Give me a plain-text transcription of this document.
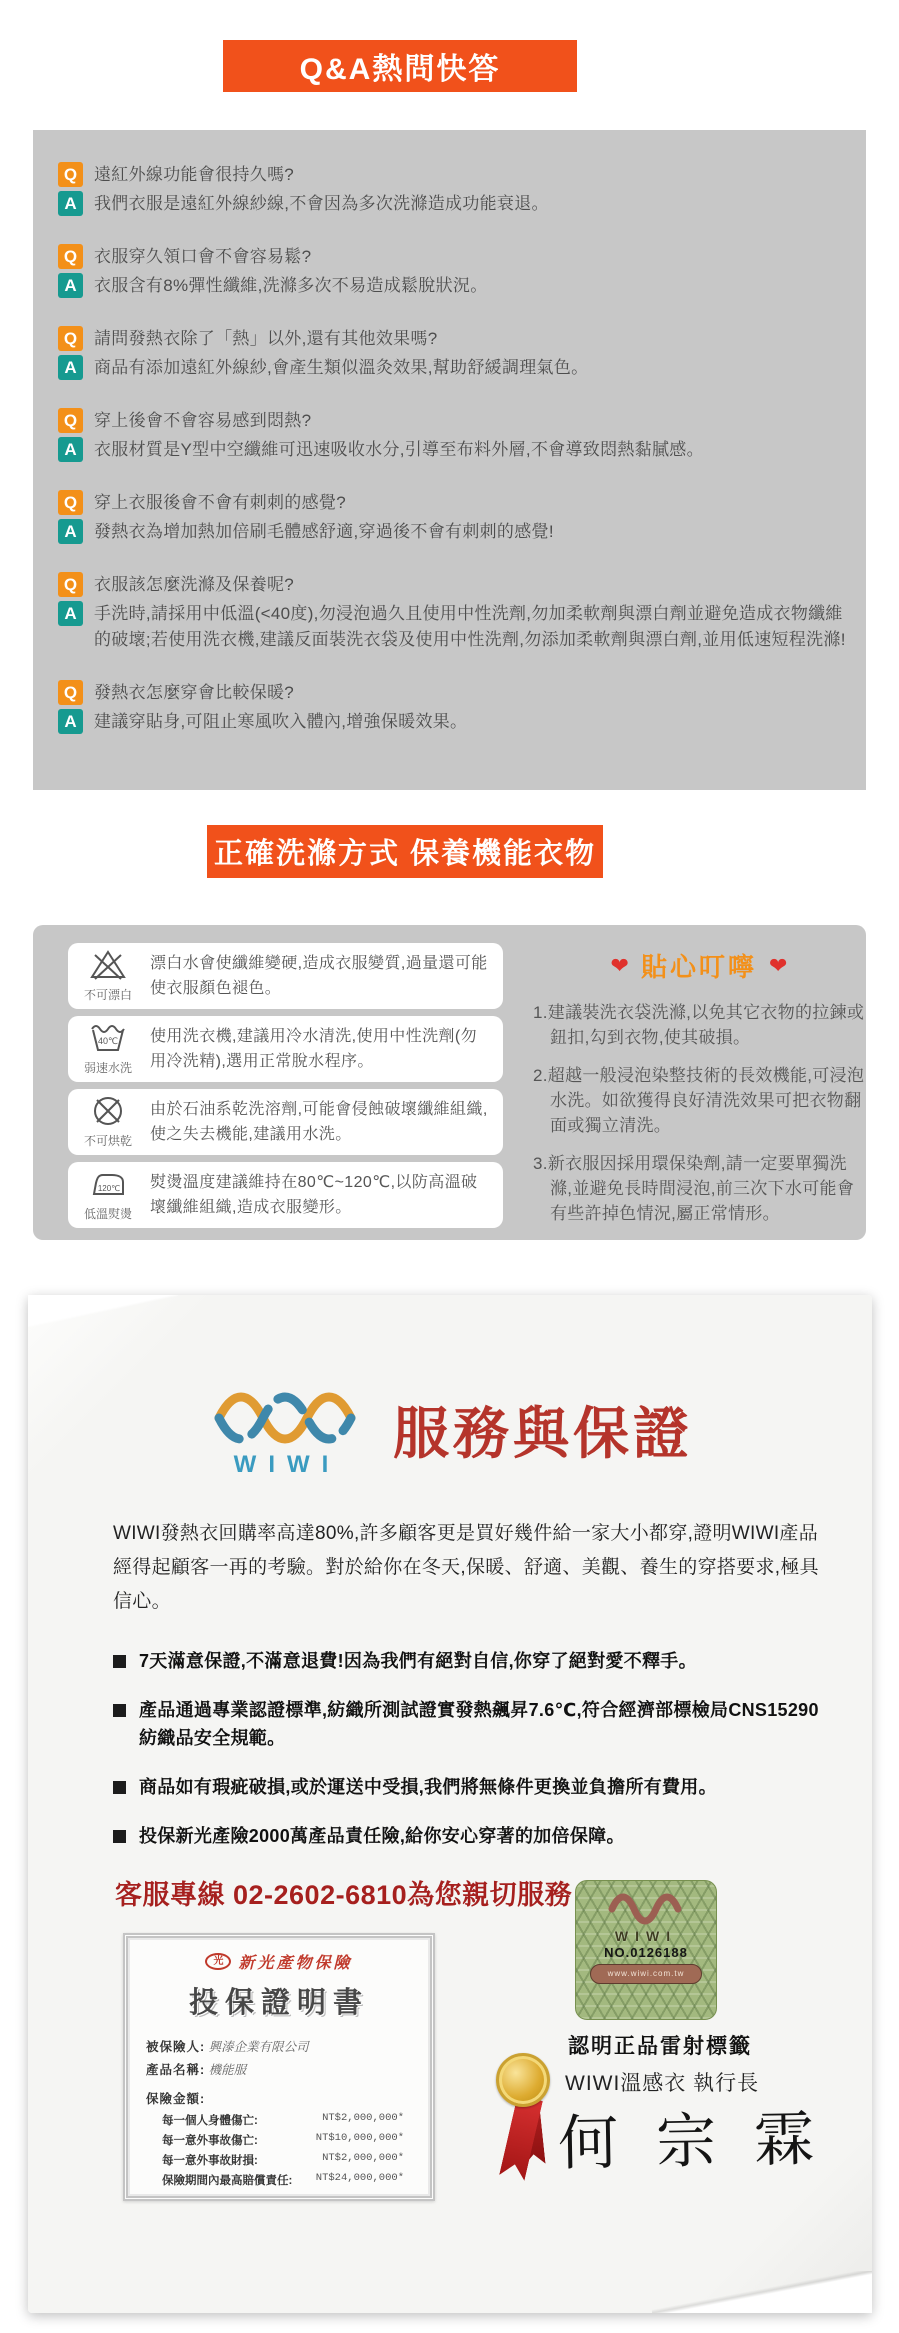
Q&A熱問快答
Q 遠紅外線功能會很持久嗎?
A	我們衣服是遠紅外線紗線,不會因為多次洗滌造成功能衰退。
Q 衣服穿久領口會不會容易鬆?
A	衣服含有8%彈性纖維,洗滌多次不易造成鬆脫狀況。
Q 請問發熱衣除了「熱」以外,還有其他效果嗎?
A	商品有添加遠紅外線紗,會產生類似溫灸效果,幫助舒緩調理氣色。
Q 穿上後會不會容易感到悶熱?
A	衣服材質是Y型中空纖維可迅速吸收水分,引導至布料外層,不會導致悶熱黏膩感。
Q 穿上衣服後會不會有刺刺的感覺?
A	發熱衣為增加熱加倍刷毛體感舒適,穿過後不會有刺刺的感覺!
Q 衣服該怎麼洗滌及保養呢?
A	手洗時,請採用中低溫(<40度),勿浸泡過久且使用中性洗劑,勿加柔軟劑與漂白劑並避免造成衣物纖維的破壞;若使用洗衣機,建議反面裝洗衣袋及使用中性洗劑,勿添加柔軟劑與漂白劑,並用低速短程洗滌!
Q 發熱衣怎麼穿會比較保暖?
A	建議穿貼身,可阻止寒風吹入體內,增強保暖效果。
正確洗滌方式 保養機能衣物
不可漂白
漂白水會使纖維變硬,造成衣服變質,過量還可能使衣服顏色褪色。
40℃
弱速水洗
使用洗衣機,建議用冷水清洗,使用中性洗劑(勿用冷洗精),選用正常脫水程序。
不可烘乾
由於石油系乾洗溶劑,可能會侵蝕破壞纖維組織,使之失去機能,建議用水洗。
120℃
低溫熨燙
熨燙溫度建議維持在80℃~120℃,以防高溫破壞纖維組織,造成衣服變形。
❤ 貼心叮嚀 ❤
1.建議裝洗衣袋洗滌,以免其它衣物的拉鍊或鈕扣,勾到衣物,使其破損。
2.超越一般浸泡染整技術的長效機能,可浸泡水洗。如欲獲得良好清洗效果可把衣物翻面或獨立清洗。
3.新衣服因採用環保染劑,請一定要單獨洗滌,並避免長時間浸泡,前三次下水可能會有些許掉色情況,屬正常情形。
WIWI 服務與保證
WIWI發熱衣回購率高達80%,許多顧客更是買好幾件給一家大小都穿,證明WIWI產品經得起顧客一再的考驗。對於給你在冬天,保暖、舒適、美觀、養生的穿搭要求,極具信心。
7天滿意保證,不滿意退費!因為我們有絕對自信,你穿了絕對愛不釋手。
產品通過專業認證標準,紡織所測試證實發熱飆昇7.6℃,符合經濟部標檢局CNS15290紡織品安全規範。
商品如有瑕疵破損,或於運送中受損,我們將無條件更換並負擔所有費用。
投保新光產險2000萬產品責任險,給你安心穿著的加倍保障。
客服專線 02-2602-6810為您親切服務
WIWI
NO.0126188
www.wiwi.com.tw
認明正品雷射標籤
光 新光產物保險
投保證明書
被保險人: 興溙企業有限公司
產品名稱: 機能服
保險金額:
每一個人身體傷亡:	NT$2,000,000*
每一意外事故傷亡:	NT$10,000,000*
每一意外事故財損:	NT$2,000,000*
保險期間內最高賠償責任: NT$24,000,000*
WIWI溫感衣 執行長
何宗霖
